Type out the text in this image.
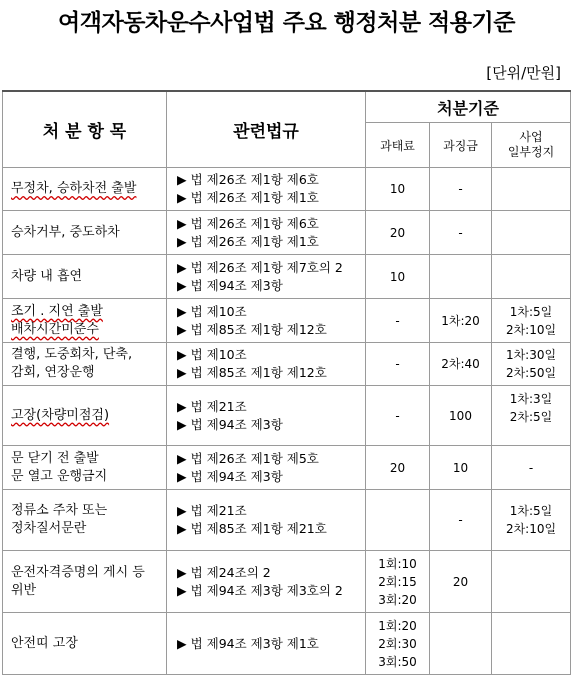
여객자동차운수사업법 주요 행정처분 적용기준
[단위/만원]
처 분 항 목	관련법규	처분기준		
		과태료	과징금	사업
일부정지
무정차, 승하차전 출발	▶ 법 제26조 제1항 제6호
▶ 법 제26조 제1항 제1호	10	-	
승차거부, 중도하차	▶ 법 제26조 제1항 제6호
▶ 법 제26조 제1항 제1호	20	-	
차량 내 흡연	▶ 법 제26조 제1항 제7호의 2
▶ 법 제94조 제3항	10		
조기 . 지연 출발
배차시간미준수	▶ 법 제10조
▶ 법 제85조 제1항 제12호	-	1차:20	1차:5일
2차:10일
결행, 도중회차, 단축,
감회, 연장운행	▶ 법 제10조
▶ 법 제85조 제1항 제12호	-	2차:40	1차:30일
2차:50일
고장(차량미점검)	▶ 법 제21조
▶ 법 제94조 제3항	-	100	1차:3일
2차:5일
문 닫기 전 출발
문 열고 운행금지	▶ 법 제26조 제1항 제5호
▶ 법 제94조 제3항	20	10	-
정류소 주차 또는
정차질서문란	▶ 법 제21조
▶ 법 제85조 제1항 제21호		-	1차:5일
2차:10일
운전자격증명의 게시 등
위반	▶ 법 제24조의 2
▶ 법 제94조 제3항 제3호의 2	1회:10
2회:15
3회:20	20	
안전띠 고장	▶ 법 제94조 제3항 제1호	1회:20
2회:30
3회:50		
